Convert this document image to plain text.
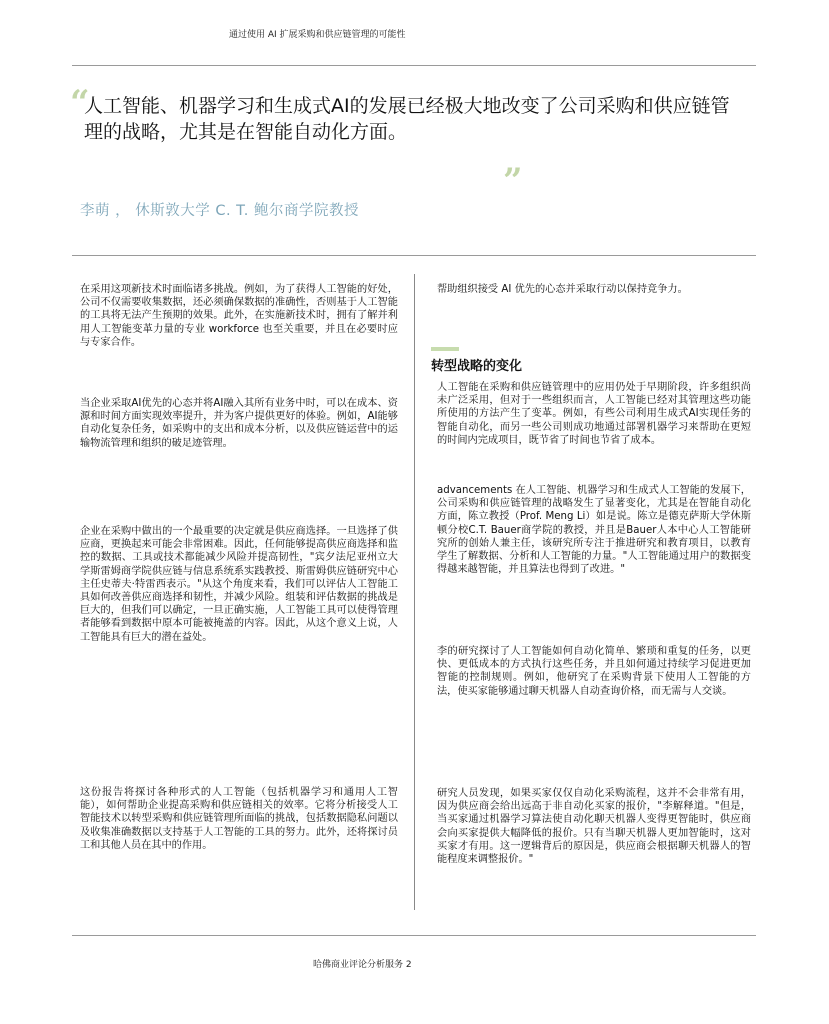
通过使用 AI 扩展采购和供应链管理的可能性
“
人工智能、机器学习和生成式AI的发展已经极大地改变了公司采购和供应链管理的战略，尤其是在智能自动化方面。
”
李萌 ， 休斯敦大学 C. T. 鲍尔商学院教授
在采用这项新技术时面临诸多挑战。例如，为了获得人工智能的好处，公司不仅需要收集数据，还必须确保数据的准确性，否则基于人工智能的工具将无法产生预期的效果。此外，在实施新技术时，拥有了解并利用人工智能变革力量的专业 workforce 也至关重要，并且在必要时应与专家合作。
当企业采取AI优先的心态并将AI融入其所有业务中时，可以在成本、资源和时间方面实现效率提升，并为客户提供更好的体验。例如，AI能够自动化复杂任务，如采购中的支出和成本分析，以及供应链运营中的运输物流管理和组织的破足迹管理。
企业在采购中做出的一个最重要的决定就是供应商选择。一旦选择了供应商，更换起来可能会非常困难。因此，任何能够提高供应商选择和监控的数据、工具或技术都能减少风险并提高韧性，"宾夕法尼亚州立大学斯雷姆商学院供应链与信息系统系实践教授、斯雷姆供应链研究中心主任史蒂夫·特雷西表示。"从这个角度来看，我们可以评估人工智能工具如何改善供应商选择和韧性，并减少风险。组装和评估数据的挑战是巨大的，但我们可以确定，一旦正确实施，人工智能工具可以使得管理者能够看到数据中原本可能被掩盖的内容。因此，从这个意义上说，人工智能具有巨大的潜在益处。
这份报告将探讨各种形式的人工智能（包括机器学习和通用人工智能），如何帮助企业提高采购和供应链相关的效率。它将分析接受人工智能技术以转型采购和供应链管理所面临的挑战，包括数据隐私问题以及收集准确数据以支持基于人工智能的工具的努力。此外，还将探讨员工和其他人员在其中的作用。
帮助组织接受 AI 优先的心态并采取行动以保持竞争力。
转型战略的变化
人工智能在采购和供应链管理中的应用仍处于早期阶段，许多组织尚未广泛采用，但对于一些组织而言，人工智能已经对其管理这些功能所使用的方法产生了变革。例如，有些公司利用生成式AI实现任务的智能自动化，而另一些公司则成功地通过部署机器学习来帮助在更短的时间内完成项目，既节省了时间也节省了成本。
advancements 在人工智能、机器学习和生成式人工智能的发展下，公司采购和供应链管理的战略发生了显著变化，尤其是在智能自动化方面，陈立教授（Prof. Meng Li）如是说。陈立是德克萨斯大学休斯顿分校C.T. Bauer商学院的教授，并且是Bauer人本中心人工智能研究所的创始人兼主任，该研究所专注于推进研究和教育项目，以教育学生了解数据、分析和人工智能的力量。"人工智能通过用户的数据变得越来越智能，并且算法也得到了改进。"
李的研究探讨了人工智能如何自动化简单、繁琐和重复的任务，以更快、更低成本的方式执行这些任务，并且如何通过持续学习促进更加智能的控制规则。例如，他研究了在采购背景下使用人工智能的方法，使买家能够通过聊天机器人自动查询价格，而无需与人交谈。
研究人员发现，如果买家仅仅自动化采购流程，这并不会非常有用，因为供应商会给出远高于非自动化买家的报价，"李解释道。"但是，当买家通过机器学习算法使自动化聊天机器人变得更智能时，供应商会向买家提供大幅降低的报价。只有当聊天机器人更加智能时，这对买家才有用。这一逻辑背后的原因是，供应商会根据聊天机器人的智能程度来调整报价。"
哈佛商业评论分析服务 2
